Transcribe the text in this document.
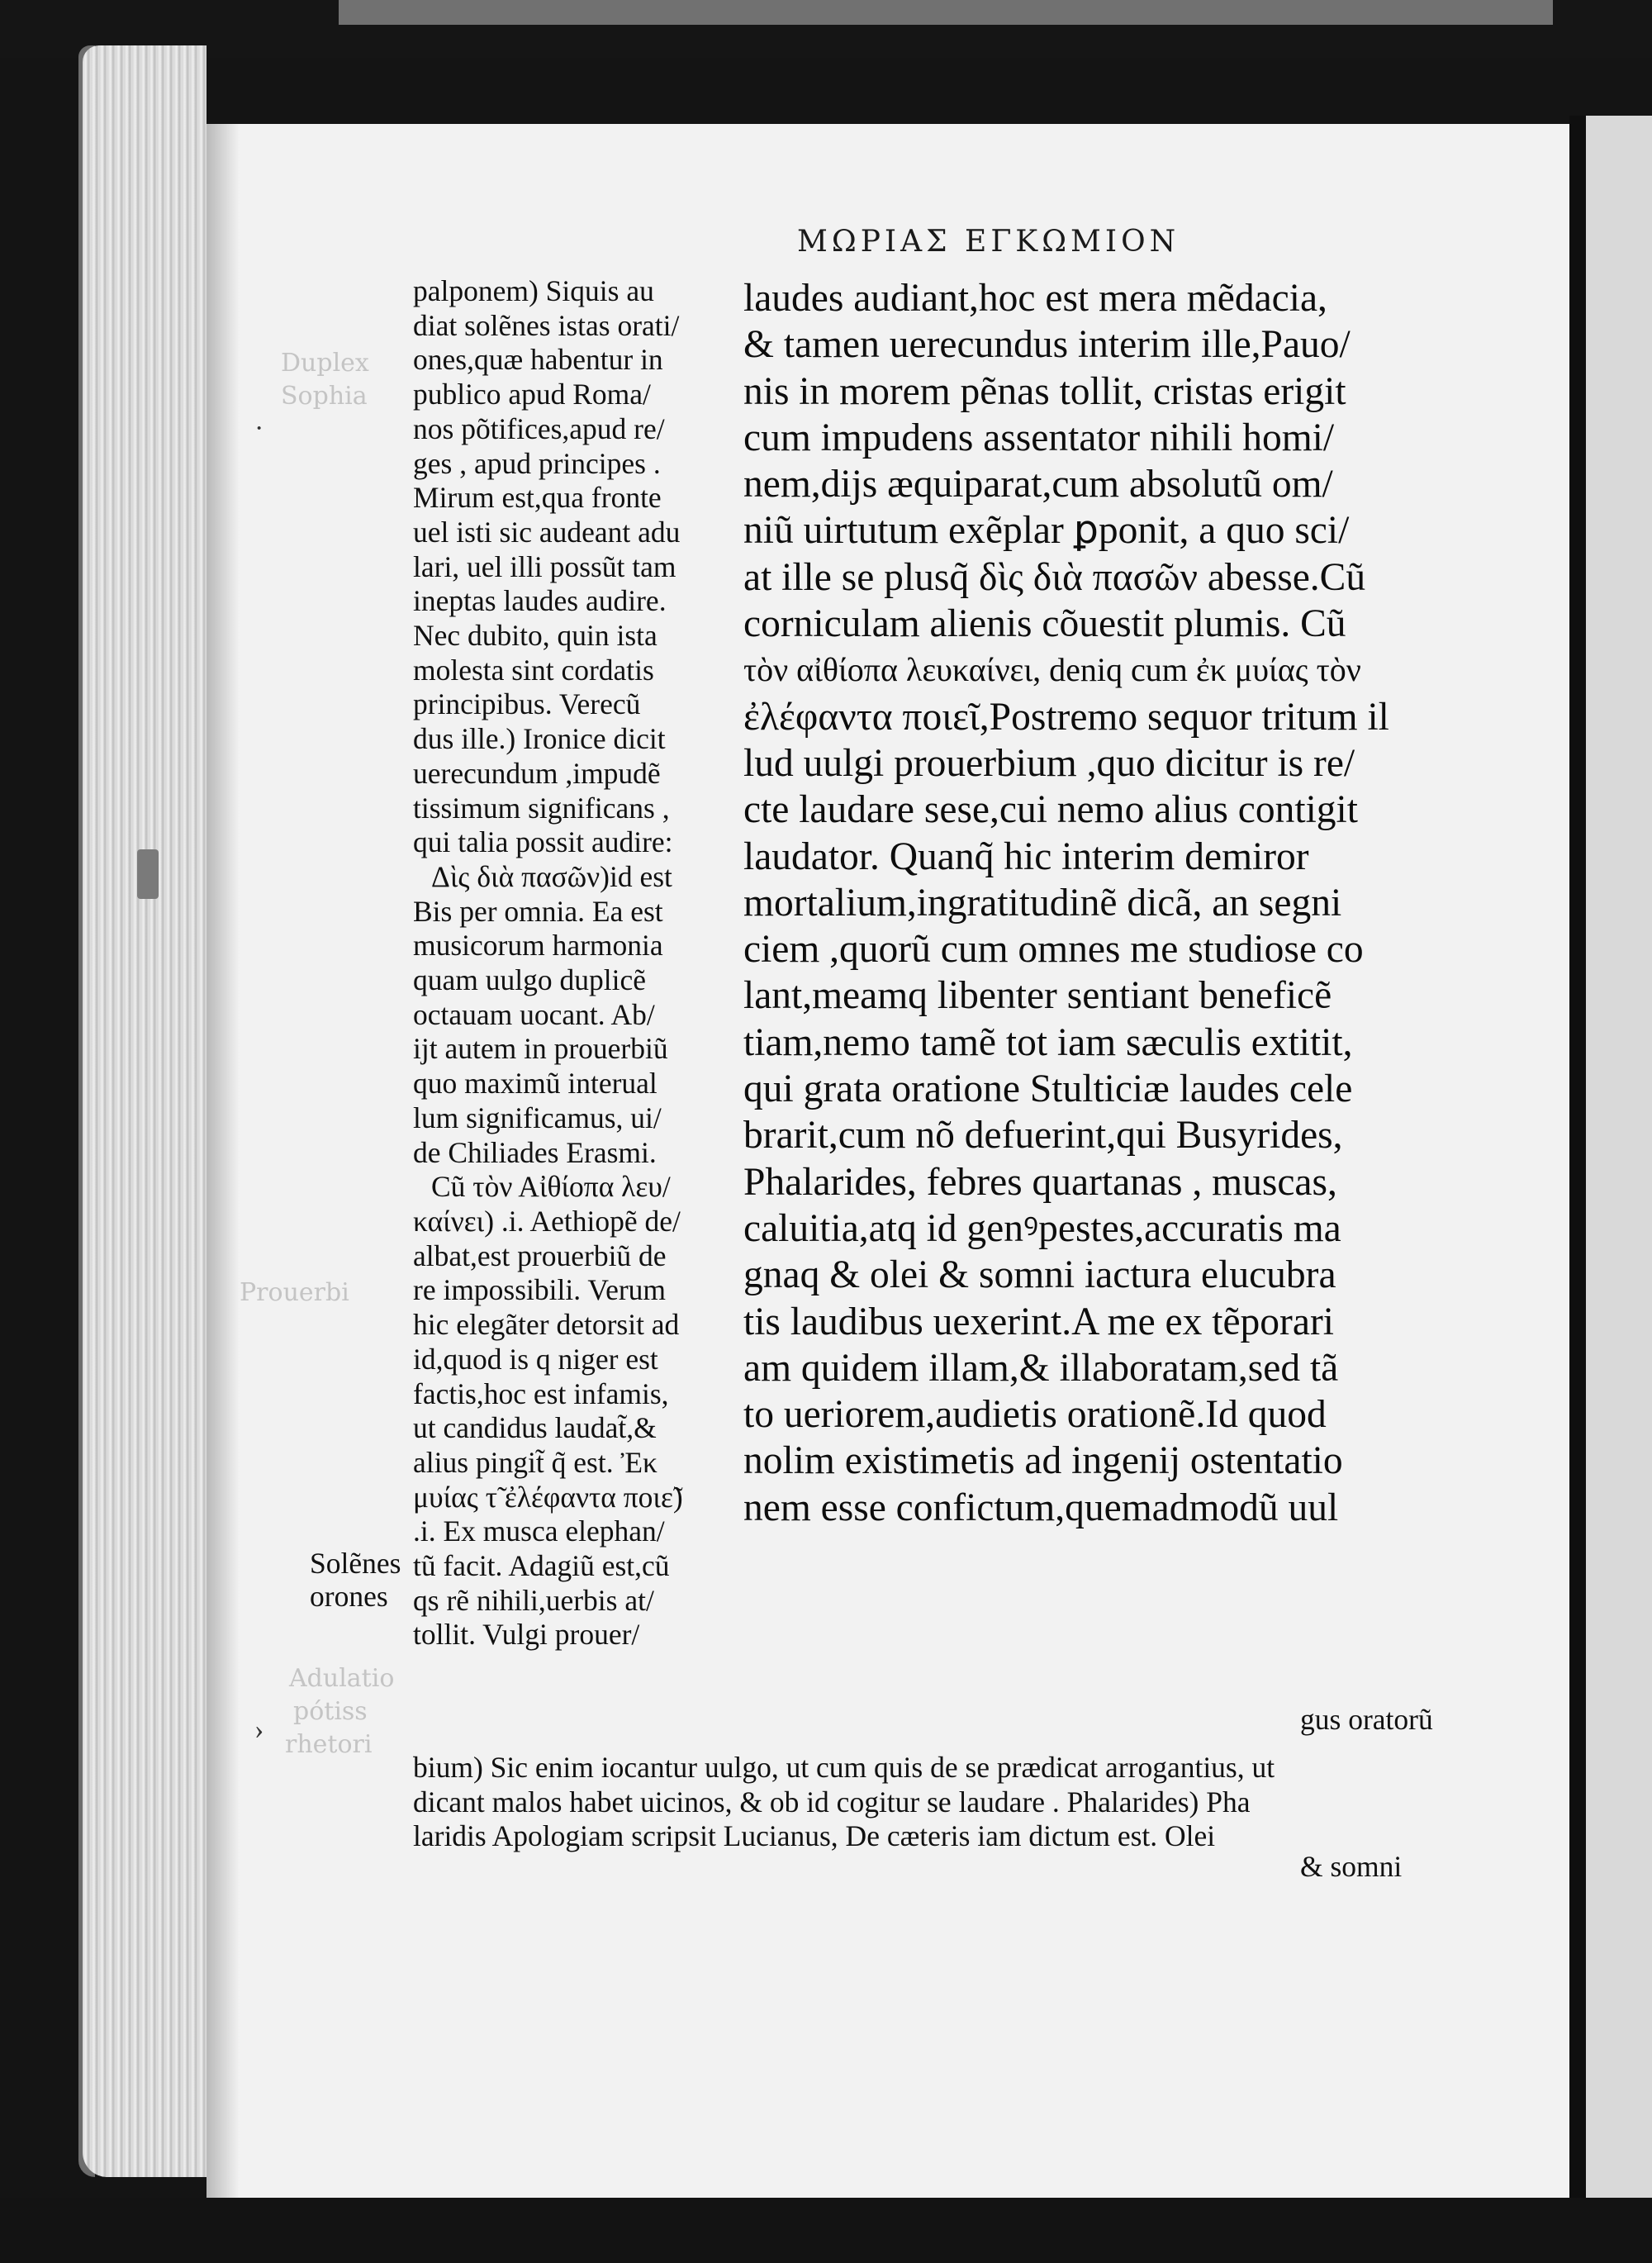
Duplex
Sophia
Prouerbi
Adulatio
pótiss
rhetori
MΩPIAΣ EΓKΩMION
palponem) Siquis au
diat solẽnes istas orati/
ones,quæ habentur in
publico apud Roma/
nos põtifices,apud re/
ges , apud principes .
Mirum est,qua fronte
uel isti sic audeant adu
lari, uel illi possũt tam
ineptas laudes audire.
Nec dubito, quin ista
molesta sint cordatis
principibus. Verecũ
dus ille.) Ironice dicit
uerecundum ,impudẽ
tissimum significans ,
qui talia possit audire:
Δὶς διὰ πασῶν)id est
Bis per omnia. Ea est
musicorum harmonia
quam uulgo duplicẽ
octauam uocant. Ab/
ijt autem in prouerbiũ
quo maximũ interual
lum significamus, ui/
de Chiliades Erasmi.
Cũ τὸν Αἰθίοπα λευ/
καίνει) .i. Aethiopẽ de/
albat,est prouerbiũ de
re impossibili. Verum
hic elegãter detorsit ad
id,quod is q niger est
factis,hoc est infamis,
ut candidus laudat̃,&
alius pingit̃ q̃ est. Ἐκ
μυίας τ̃ ἐλέφαντα ποιε̃)
.i. Ex musca elephan/
tũ facit. Adagiũ est,cũ
qs rẽ nihili,uerbis at/
tollit. Vulgi prouer/
laudes audiant,hoc est mera mẽdacia,
& tamen uerecundus interim ille,Pauo/
nis in morem pẽnas tollit, cristas erigit
cum impudens assentator nihili homi/
nem,dijs æquiparat,cum absolutũ om/
niũ uirtutum exẽplar ꝑponit, a quo sci/
at ille se plusq̃ δὶς διὰ πασῶν abesse.Cũ
corniculam alienis cõuestit plumis. Cũ
τὸν αἰθίοπα λευκαίνει, deniq cum ἐκ μυίας τὸν
ἐλέφαντα ποιεῖ,Postremo sequor tritum il
lud uulgi prouerbium ,quo dicitur is re/
cte laudare sese,cui nemo alius contigit
laudator. Quanq̃ hic interim demiror
mortalium,ingratitudinẽ dicã, an segni
ciem ,quorũ cum omnes me studiose co
lant,meamq libenter sentiant beneficẽ
tiam,nemo tamẽ tot iam sæculis extitit,
qui grata oratione Stulticiæ laudes cele
brarit,cum nõ defuerint,qui Busyrides,
Phalarides, febres quartanas , muscas,
caluitia,atq id genꝰpestes,accuratis ma
gnaq & olei & somni iactura elucubra
tis laudibus uexerint.A me ex tẽporari
am quidem illam,& illaboratam,sed tã
to ueriorem,audietis orationẽ.Id quod
nolim existimetis ad ingenij ostentatio
nem esse confictum,quemadmodũ uul
gus oratorũ
bium) Sic enim iocantur uulgo, ut cum quis de se prædicat arrogantius, ut
dicant malos habet uicinos, & ob id cogitur se laudare . Phalarides) Pha
laridis Apologiam scripsit Lucianus, De cæteris iam dictum est. Olei
& somni
Solẽnes
orones
·
›
